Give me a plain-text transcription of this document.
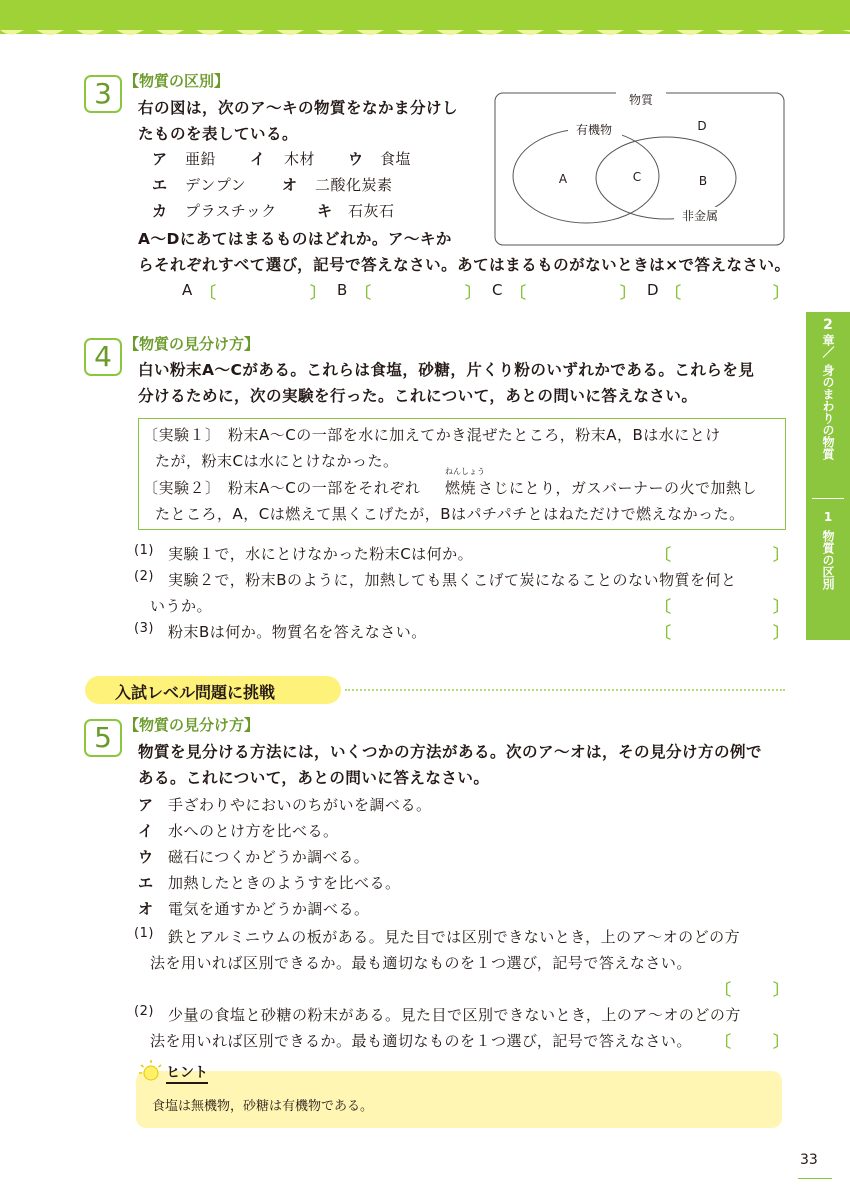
2
章／
身のまわりの物質
1
物質の区別
3 【物質の区別】
右の図は，次のア～キの物質をなかま分けし
たものを表している。
ア 亜鉛 イ 木材 ウ 食塩
エ デンプン オ 二酸化炭素
カ プラスチック	キ 石灰石
A～Dにあてはまるものはどれか。ア～キか
らそれぞれすべて選び，記号で答えなさい。あてはまるものがないときは×で答えなさい。
物質
有機物
非金属
A	C	B
D
A 〔	〕 B 〔	〕 C 〔	〕 D 〔	〕
4 【物質の見分け方】
白い粉末A～Cがある。これらは食塩，砂糖，片くり粉のいずれかである。これらを見
分けるために，次の実験を行った。これについて，あとの問いに答えなさい。
〔実験１〕 粉末A～Cの一部を水に加えてかき混ぜたところ，粉末A，Bは水にとけ
たが，粉末Cは水にとけなかった。
〔実験２〕 粉末A～Cの一部をそれぞれ
ねんしょう
燃焼 さじにとり，ガスバーナーの火で加熱し
たところ，A，Cは燃えて黒くこげたが，Bはパチパチとはねただけで燃えなかった。
(1) 実験１で，水にとけなかった粉末Cは何か。	〔	〕
(2) 実験２で，粉末Bのように，加熱しても黒くこげて炭になることのない物質を何と
いうか。	〔	〕
(3) 粉末Bは何か。物質名を答えなさい。	〔	〕
入試レベル問題に挑戦
5 【物質の見分け方】
物質を見分ける方法には，いくつかの方法がある。次のア～オは，その見分け方の例で
ある。これについて，あとの問いに答えなさい。
ア 手ざわりやにおいのちがいを調べる。
イ 水へのとけ方を比べる。
ウ 磁石につくかどうか調べる。
エ 加熱したときのようすを比べる。
オ 電気を通すかどうか調べる。
(1) 鉄とアルミニウムの板がある。見た目では区別できないとき，上のア～オのどの方
法を用いれば区別できるか。最も適切なものを１つ選び，記号で答えなさい。
〔	〕
(2) 少量の食塩と砂糖の粉末がある。見た目で区別できないとき，上のア～オのどの方
法を用いれば区別できるか。最も適切なものを１つ選び，記号で答えなさい。 〔	〕
ヒント
食塩は無機物，砂糖は有機物である。
33
